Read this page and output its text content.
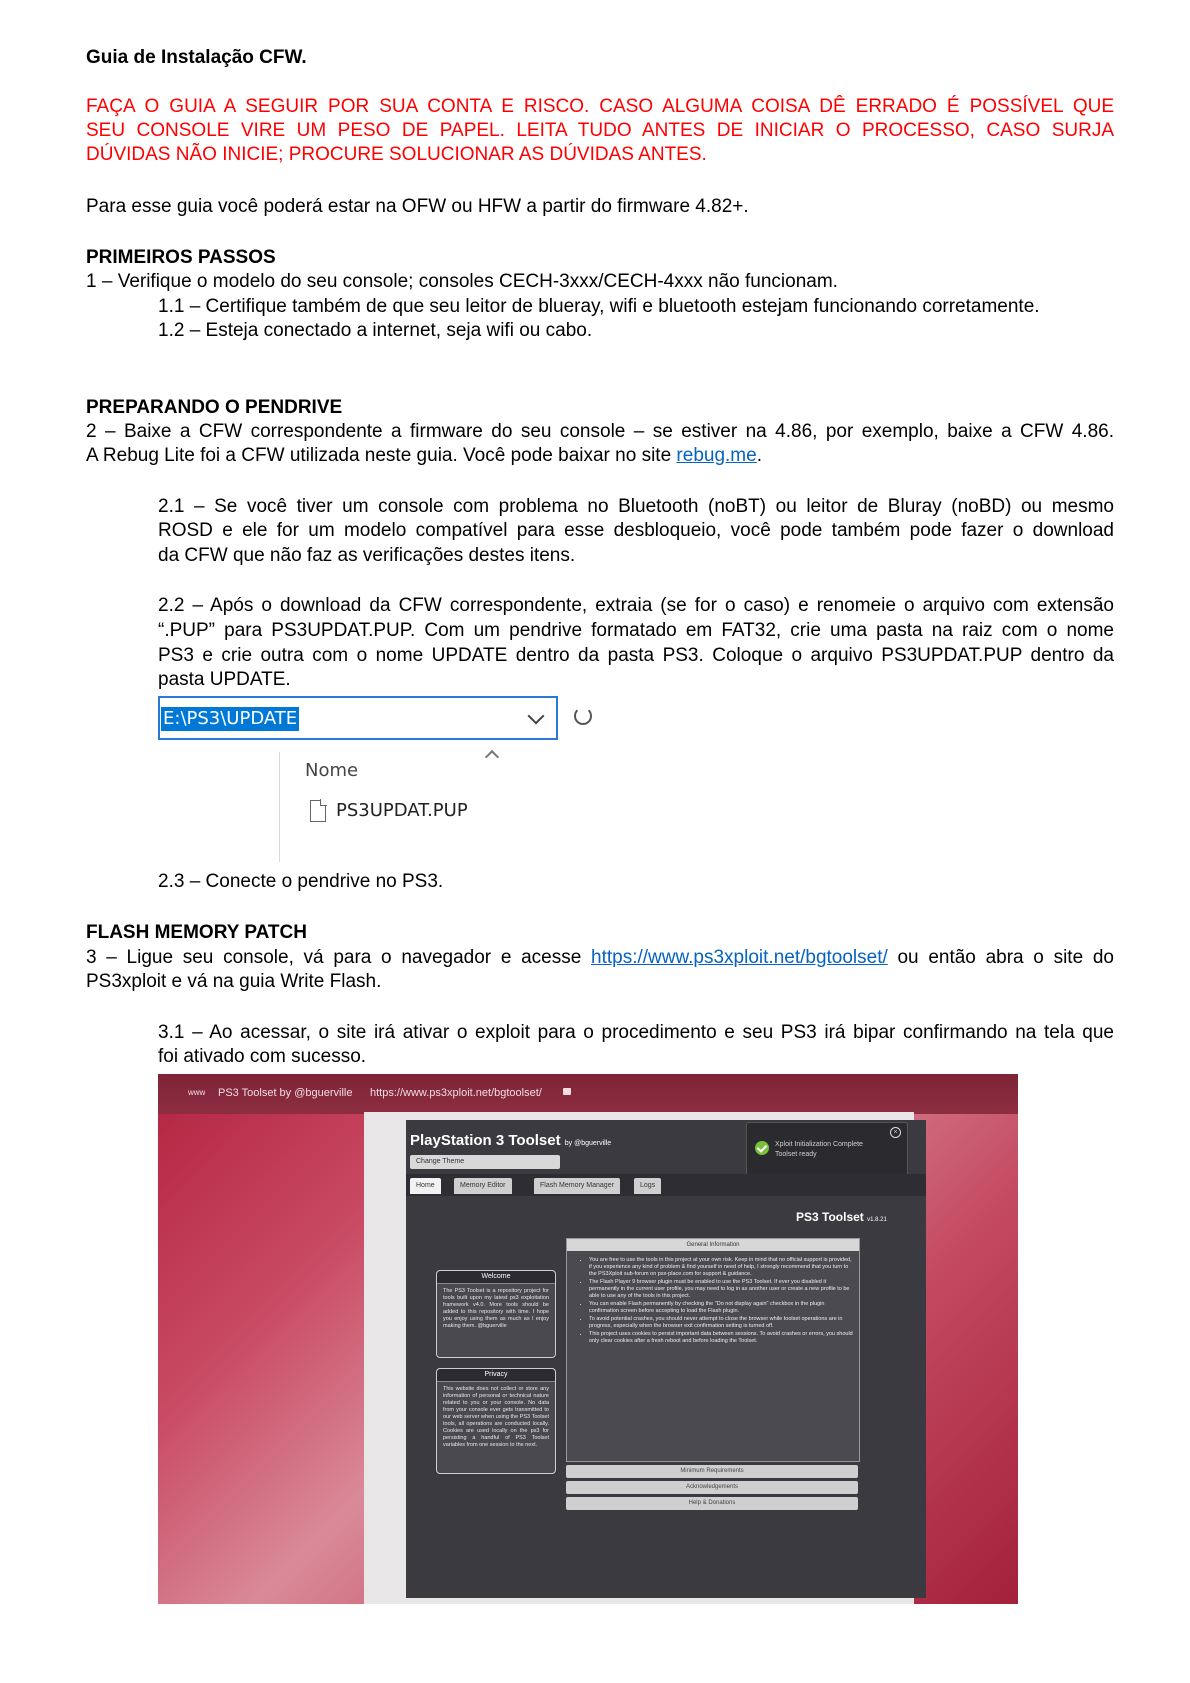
Guia de Instalação CFW.
FAÇA O GUIA A SEGUIR POR SUA CONTA E RISCO. CASO ALGUMA COISA DÊ ERRADO É POSSÍVEL QUE
SEU CONSOLE VIRE UM PESO DE PAPEL. LEITA TUDO ANTES DE INICIAR O PROCESSO, CASO SURJA
DÚVIDAS NÃO INICIE; PROCURE SOLUCIONAR AS DÚVIDAS ANTES.
Para esse guia você poderá estar na OFW ou HFW a partir do firmware 4.82+.
PRIMEIROS PASSOS
1 – Verifique o modelo do seu console; consoles CECH-3xxx/CECH-4xxx não funcionam.
1.1 – Certifique também de que seu leitor de blueray, wifi e bluetooth estejam funcionando corretamente.
1.2 – Esteja conectado a internet, seja wifi ou cabo.
PREPARANDO O PENDRIVE
2 – Baixe a CFW correspondente a firmware do seu console – se estiver na 4.86, por exemplo, baixe a CFW 4.86.
A Rebug Lite foi a CFW utilizada neste guia. Você pode baixar no site rebug.me.
2.1 – Se você tiver um console com problema no Bluetooth (noBT) ou leitor de Bluray (noBD) ou mesmo
ROSD e ele for um modelo compatível para esse desbloqueio, você pode também pode fazer o download
da CFW que não faz as verificações destes itens.
2.2 – Após o download da CFW correspondente, extraia (se for o caso) e renomeie o arquivo com extensão
“.PUP” para PS3UPDAT.PUP. Com um pendrive formatado em FAT32, crie uma pasta na raiz com o nome
PS3 e crie outra com o nome UPDATE dentro da pasta PS3. Coloque o arquivo PS3UPDAT.PUP dentro da
pasta UPDATE.
E:\PS3\UPDATE
Nome
PS3UPDAT.PUP
2.3 – Conecte o pendrive no PS3.
FLASH MEMORY PATCH
3 – Ligue seu console, vá para o navegador e acesse https://www.ps3xploit.net/bgtoolset/ ou então abra o site do
PS3xploit e vá na guia Write Flash.
3.1 – Ao acessar, o site irá ativar o exploit para o procedimento e seu PS3 irá bipar confirmando na tela que
foi ativado com sucesso.
www PS3 Toolset by @bguerville https://www.ps3xploit.net/bgtoolset/
PlayStation 3 Toolset by @bguerville
Change Theme
Xploit Initialization Complete
Toolset ready
×
Home	Memory Editor	Flash Memory Manager	Logs
PS3 Toolset v1.8.21
Welcome
The PS3 Toolset is a repository project for tools built upon my latest ps3 exploitation framework v4.0. More tools should be added to this repository with time. I hope you enjoy using them as much as I enjoy making them. @bguerville
Privacy
This website does not collect or store any information of personal or technical nature related to you or your console. No data from your console ever gets transmitted to our web server when using the PS3 Toolset tools, all operations are conducted locally. Cookies are used locally on the ps3 for persisting a handful of PS3 Toolset variables from one session to the next.
General Information
• You are free to use the tools in this project at your own risk. Keep in mind that no official support is provided, if you experience any kind of problem & find yourself in need of help, I strongly recommend that you turn to the PS3Xploit sub-forum on psx-place.com for support & guidance.
• The Flash Player 9 browser plugin must be enabled to use the PS3 Toolset. If ever you disabled it permanently in the current user profile, you may need to log in as another user or create a new profile to be able to use any of the tools in this project.
• You can enable Flash permanently by checking the "Do not display again" checkbox in the plugin confirmation screen before accepting to load the Flash plugin.
• To avoid potential crashes, you should never attempt to close the browser while toolset operations are in progress, especially when the browser exit confirmation setting is turned off.
• This project uses cookies to persist important data between sessions. To avoid crashes or errors, you should only clear cookies after a fresh reboot and before loading the Toolset.
Minimum Requirements
Acknowledgements
Help & Donations
